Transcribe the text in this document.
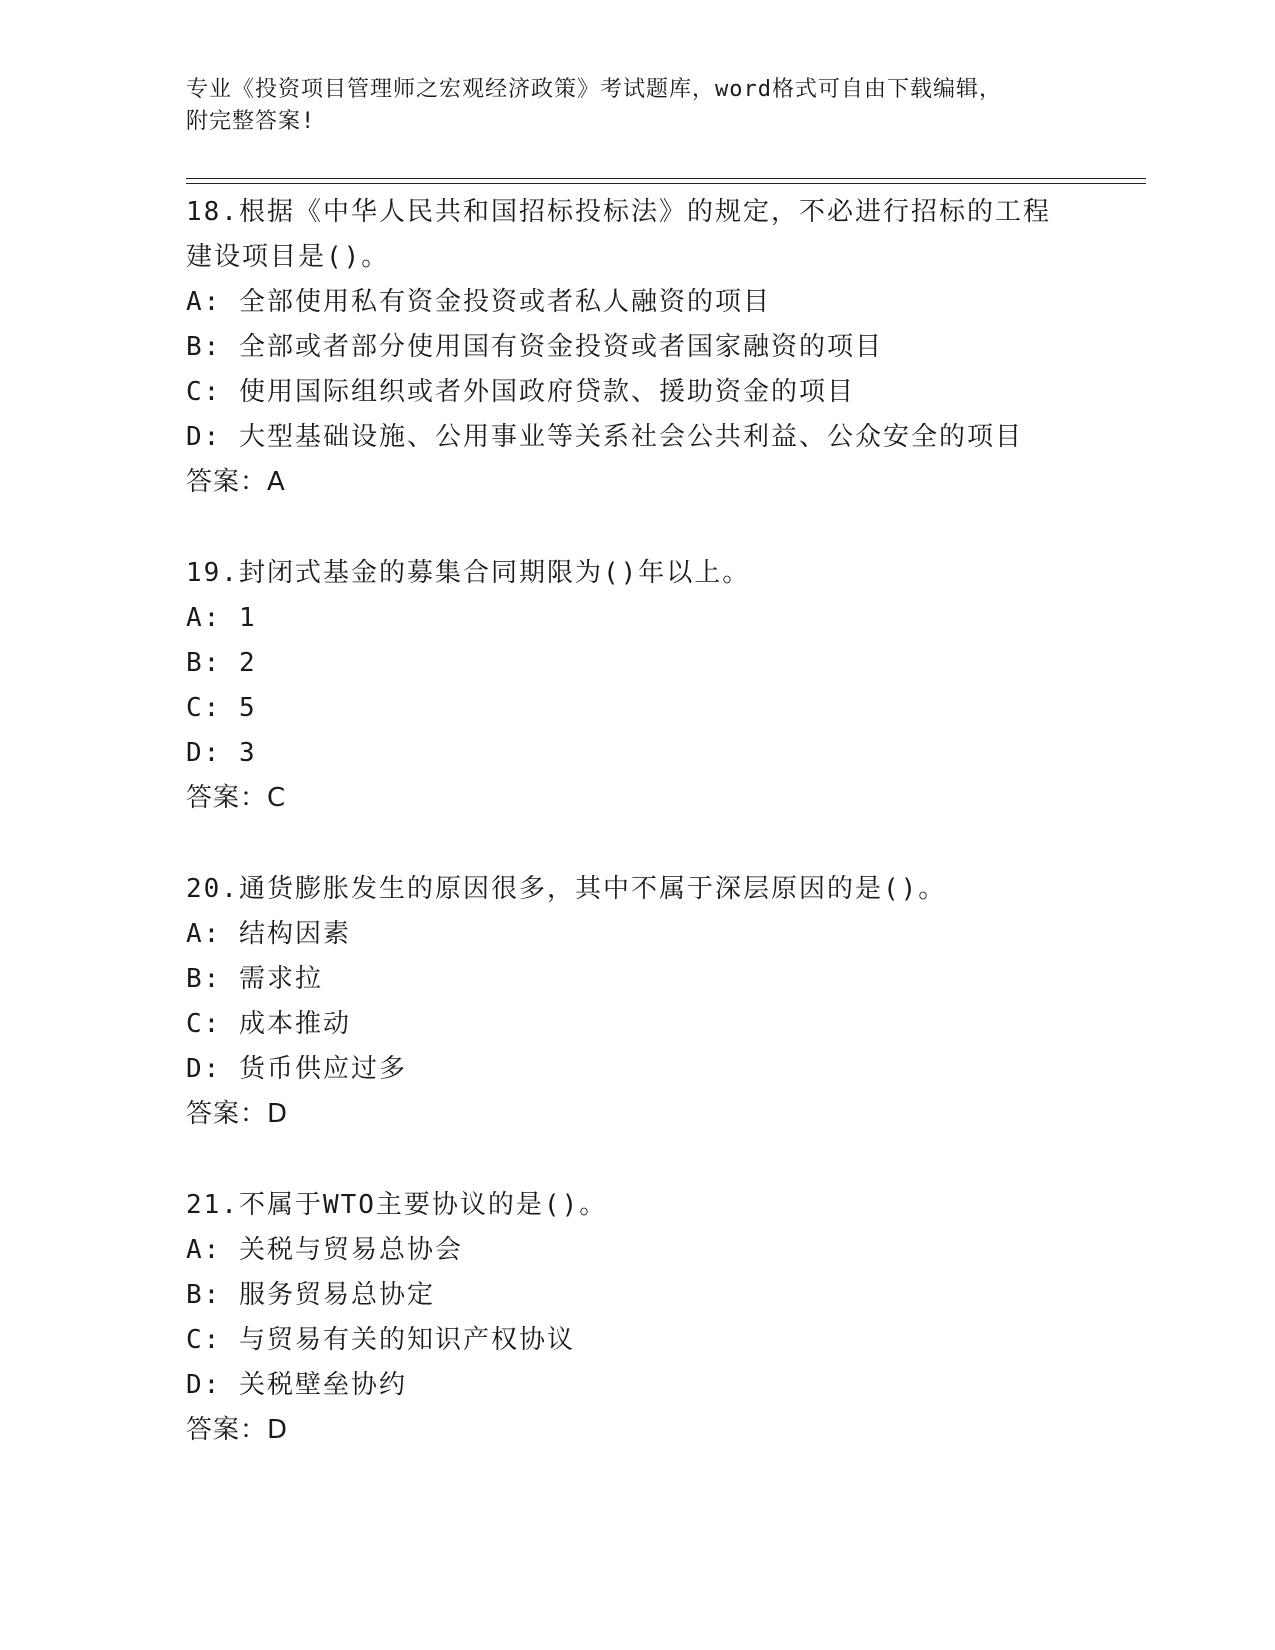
专业《投资项目管理师之宏观经济政策》考试题库，word格式可自由下载编辑，
附完整答案!
18.根据《中华人民共和国招标投标法》的规定，不必进行招标的工程
建设项目是()。
A: 全部使用私有资金投资或者私人融资的项目
B: 全部或者部分使用国有资金投资或者国家融资的项目
C: 使用国际组织或者外国政府贷款、援助资金的项目
D: 大型基础设施、公用事业等关系社会公共利益、公众安全的项目
答案：A
19.封闭式基金的募集合同期限为()年以上。
A: 1
B: 2
C: 5
D: 3
答案：C
20.通货膨胀发生的原因很多，其中不属于深层原因的是()。
A: 结构因素
B: 需求拉
C: 成本推动
D: 货币供应过多
答案：D
21.不属于WTO主要协议的是()。
A: 关税与贸易总协会
B: 服务贸易总协定
C: 与贸易有关的知识产权协议
D: 关税壁垒协约
答案：D
